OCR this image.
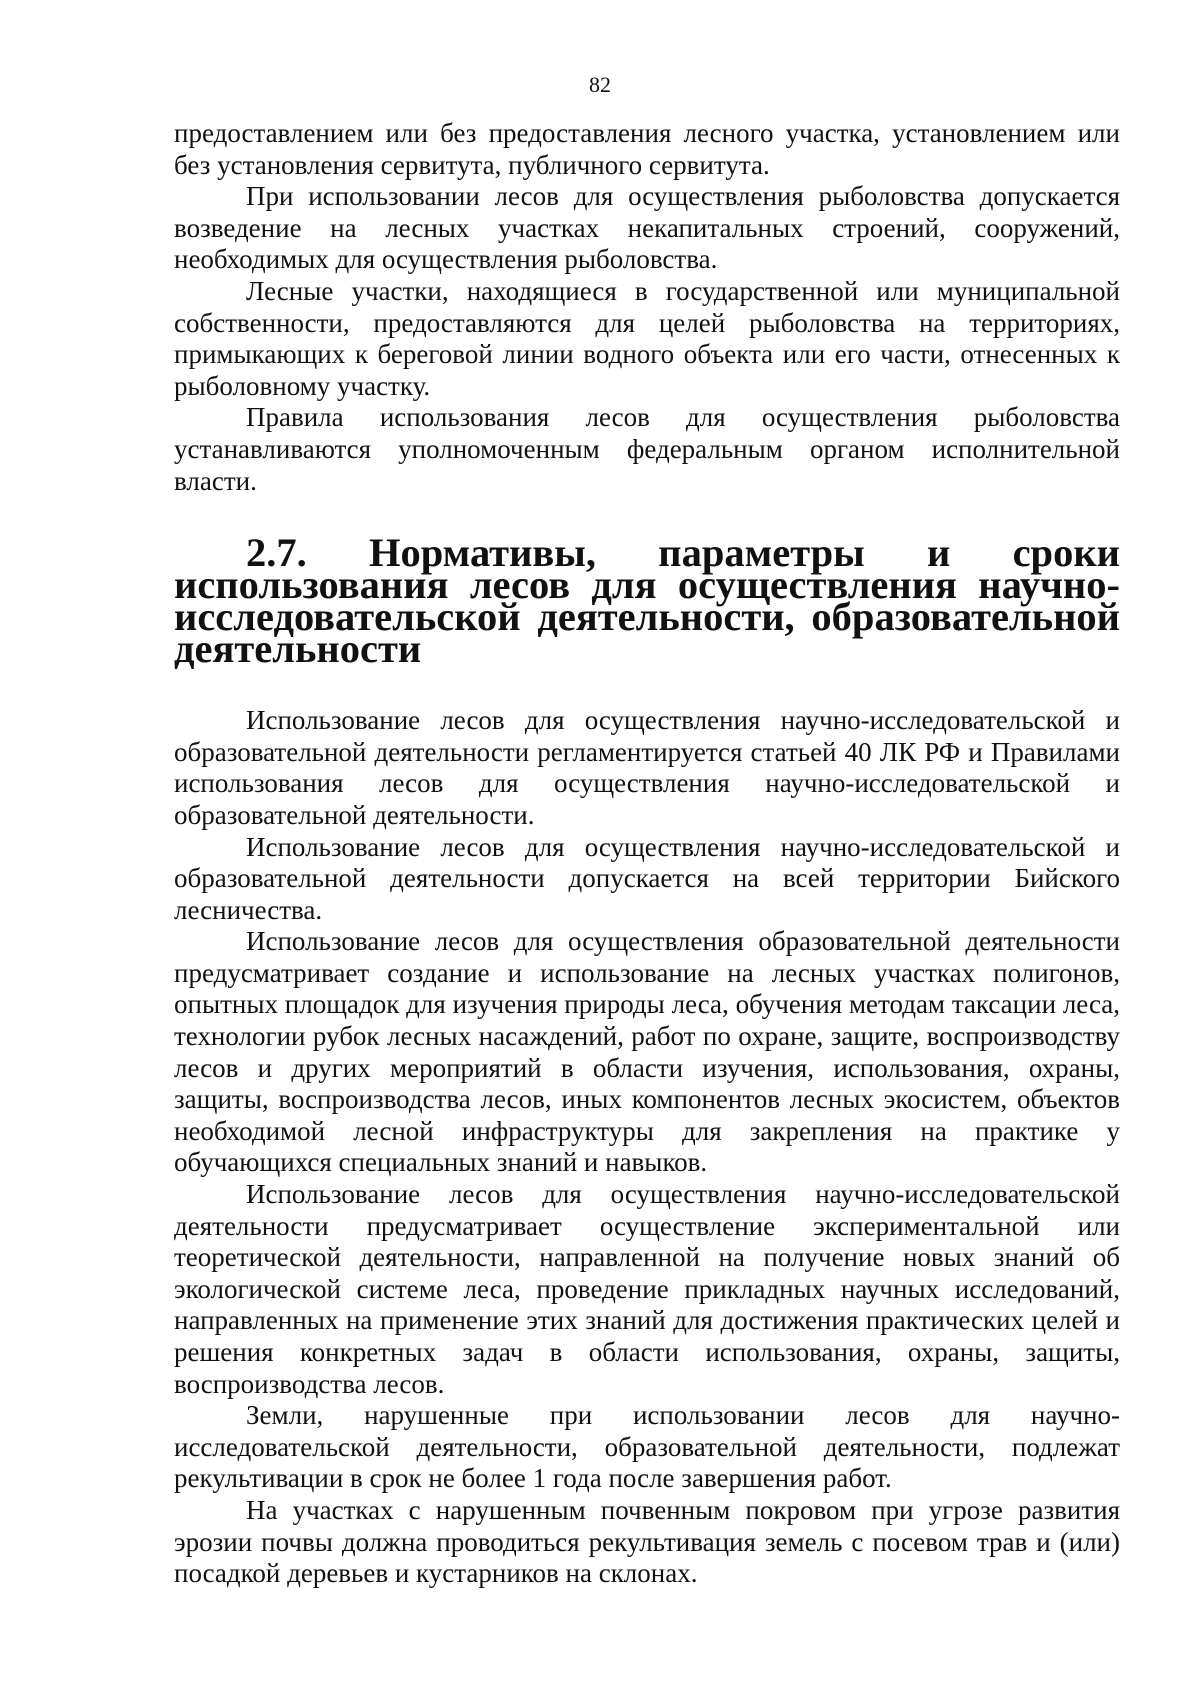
82

предоставлением или без предоставления лесного участка, установлением или без установления сервитута, публичного сервитута.

При использовании лесов для осуществления рыболовства допускается возведение на лесных участках некапитальных строений, сооружений, необходимых для осуществления рыболовства.

Лесные участки, находящиеся в государственной или муниципальной собственности, предоставляются для целей рыболовства на территориях, примыкающих к береговой линии водного объекта или его части, отнесенных к рыболовному участку.

Правила использования лесов для осуществления рыболовства устанавливаются уполномоченным федеральным органом исполнительной власти.

2.7. Нормативы, параметры и сроки использования лесов для осуществления научно-исследовательской деятельности, образовательной деятельности

Использование лесов для осуществления научно-исследовательской и образовательной деятельности регламентируется статьей 40 ЛК РФ и Правилами использования лесов для осуществления научно-исследовательской и образовательной деятельности.

Использование лесов для осуществления научно-исследовательской и образовательной деятельности допускается на всей территории Бийского лесничества.

Использование лесов для осуществления образовательной деятельности предусматривает создание и использование на лесных участках полигонов, опытных площадок для изучения природы леса, обучения методам таксации леса, технологии рубок лесных насаждений, работ по охране, защите, воспроизводству лесов и других мероприятий в области изучения, использования, охраны, защиты, воспроизводства лесов, иных компонентов лесных экосистем, объектов необходимой лесной инфраструктуры для закрепления на практике у обучающихся специальных знаний и навыков.

Использование лесов для осуществления научно-исследовательской деятельности предусматривает осуществление экспериментальной или теоретической деятельности, направленной на получение новых знаний об экологической системе леса, проведение прикладных научных исследований, направленных на применение этих знаний для достижения практических целей и решения конкретных задач в области использования, охраны, защиты, воспроизводства лесов.

Земли, нарушенные при использовании лесов для научно-исследовательской деятельности, образовательной деятельности, подлежат рекультивации в срок не более 1 года после завершения работ.

На участках с нарушенным почвенным покровом при угрозе развития эрозии почвы должна проводиться рекультивация земель с посевом трав и (или) посадкой деревьев и кустарников на склонах.
